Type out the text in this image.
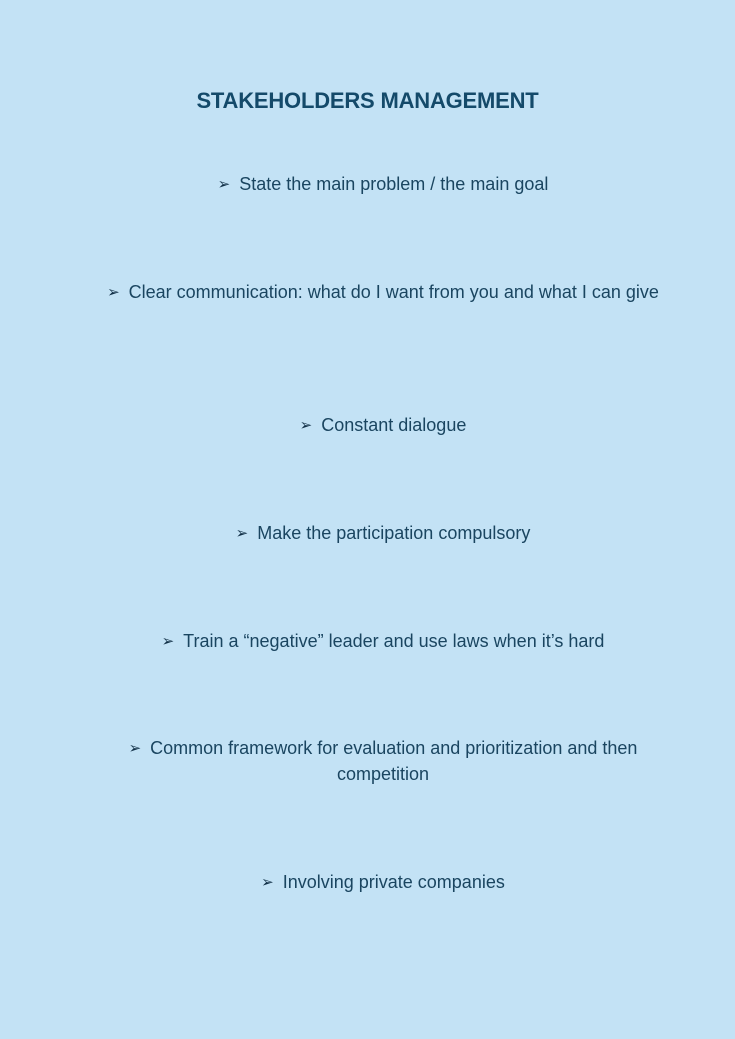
STAKEHOLDERS MANAGEMENT
➢ State the main problem / the main goal
➢ Clear communication: what do I want from you and what I can give
➢ Constant dialogue
➢ Make the participation compulsory
➢ Train a “negative” leader and use laws when it’s hard
➢ Common framework for evaluation and prioritization and then competition
➢ Involving private companies
